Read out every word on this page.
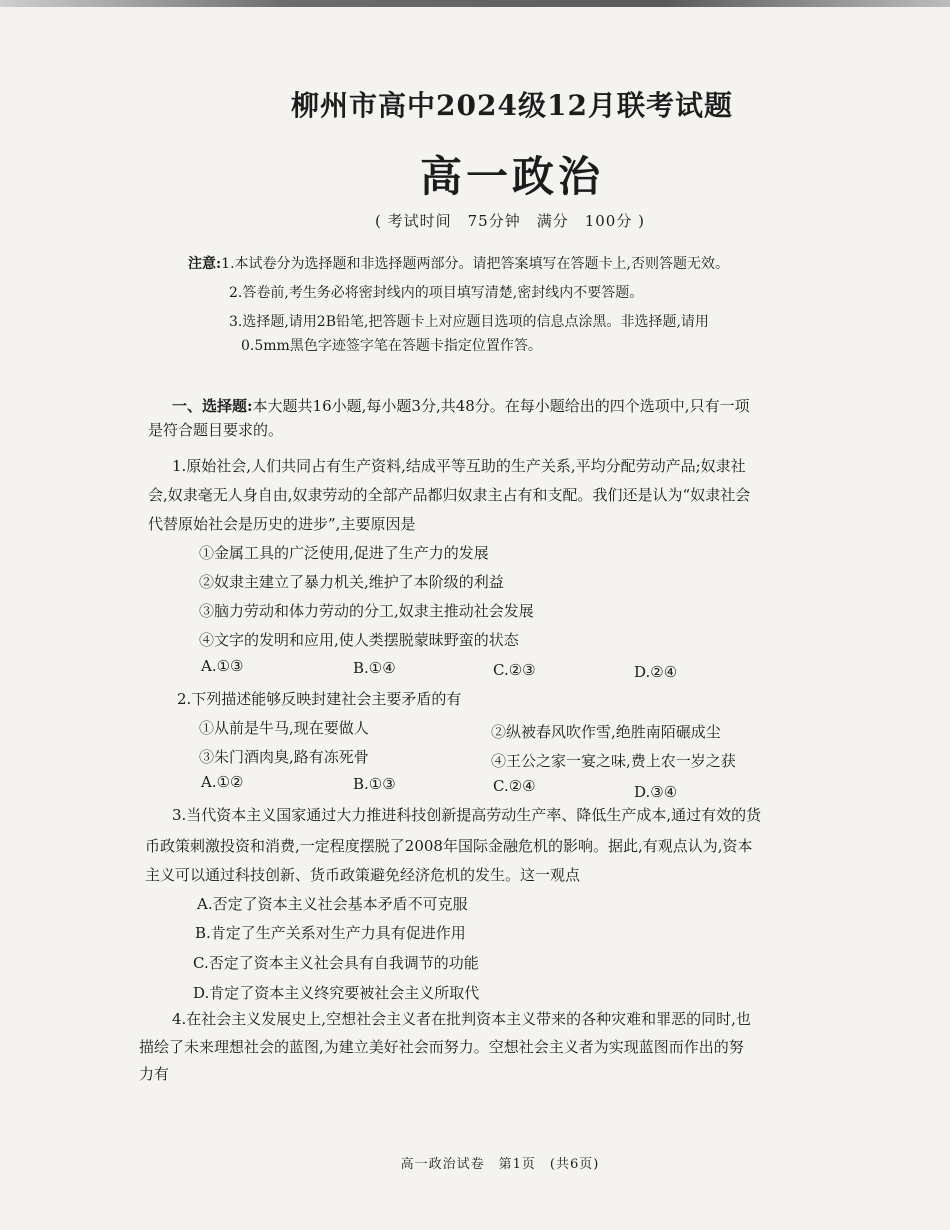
柳州市高中2024级12月联考试题
高一政治
( 考试时间　75分钟　满分　100分 )
注意:1.本试卷分为选择题和非选择题两部分。请把答案填写在答题卡上,否则答题无效。
2.答卷前,考生务必将密封线内的项目填写清楚,密封线内不要答题。
3.选择题,请用2B铅笔,把答题卡上对应题目选项的信息点涂黑。非选择题,请用
0.5mm黑色字迹签字笔在答题卡指定位置作答。
一、选择题:本大题共16小题,每小题3分,共48分。在每小题给出的四个选项中,只有一项
是符合题目要求的。
1.原始社会,人们共同占有生产资料,结成平等互助的生产关系,平均分配劳动产品;奴隶社
会,奴隶毫无人身自由,奴隶劳动的全部产品都归奴隶主占有和支配。我们还是认为“奴隶社会
代替原始社会是历史的进步”,主要原因是
①金属工具的广泛使用,促进了生产力的发展
②奴隶主建立了暴力机关,维护了本阶级的利益
③脑力劳动和体力劳动的分工,奴隶主推动社会发展
④文字的发明和应用,使人类摆脱蒙昧野蛮的状态
A.①③	B.①④	C.②③	D.②④
2.下列描述能够反映封建社会主要矛盾的有
①从前是牛马,现在要做人	②纵被春风吹作雪,绝胜南陌碾成尘
③朱门酒肉臭,路有冻死骨	④王公之家一宴之味,费上农一岁之获
A.①②	B.①③	C.②④	D.③④
3.当代资本主义国家通过大力推进科技创新提高劳动生产率、降低生产成本,通过有效的货
币政策刺激投资和消费,一定程度摆脱了2008年国际金融危机的影响。据此,有观点认为,资本
主义可以通过科技创新、货币政策避免经济危机的发生。这一观点
A.否定了资本主义社会基本矛盾不可克服
B.肯定了生产关系对生产力具有促进作用
C.否定了资本主义社会具有自我调节的功能
D.肯定了资本主义终究要被社会主义所取代
4.在社会主义发展史上,空想社会主义者在批判资本主义带来的各种灾难和罪恶的同时,也
描绘了未来理想社会的蓝图,为建立美好社会而努力。空想社会主义者为实现蓝图而作出的努
力有
高一政治试卷　第1页　(共6页)
